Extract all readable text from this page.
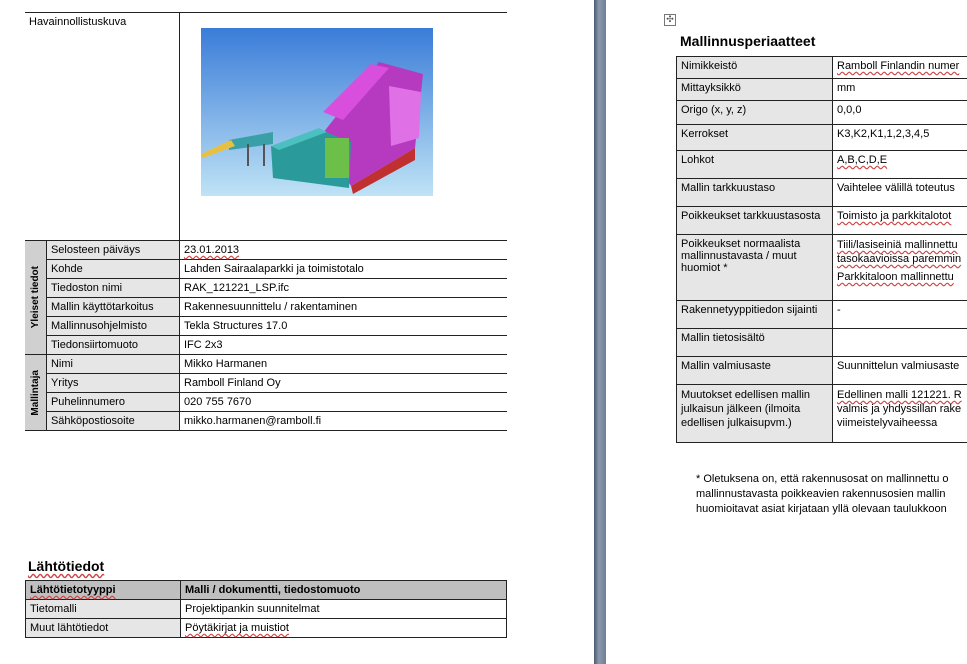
Havainnollistuskuva		

Yleiset tiedot	Selosteen päiväys	23.01.2013
	Kohde	Lahden Sairaalaparkki ja toimistotalo
	Tiedoston nimi	RAK_121221_LSP.ifc
	Mallin käyttötarkoitus	Rakennesuunnittelu / rakentaminen
	Mallinnusohjelmisto	Tekla Structures 17.0
	Tiedonsiirtomuoto	IFC 2x3

Mallintaja	Nimi	Mikko Harmanen
	Yritys	Ramboll Finland Oy
	Puhelinnumero	020 755 7670
	Sähköpostiosoite	mikko.harmanen@ramboll.fi
Lähtötiedot
Lähtötietotyyppi	Malli / dokumentti, tiedostomuoto
Tietomalli	Projektipankin suunnitelmat
Muut lähtötiedot	Pöytäkirjat ja muistiot
✣
Mallinnusperiaatteet
Nimikkeistö	Ramboll Finlandin numer
Mittayksikkö	mm
Origo (x, y, z)	0,0,0
Kerrokset	K3,K2,K1,1,2,3,4,5
Lohkot	A,B,C,D,E
Mallin tarkkuustaso	Vaihtelee välillä toteutus
Poikkeukset tarkkuustasosta	Toimisto ja parkkitalotot
Poikkeukset normaalista mallinnustavasta / muut huomiot *	Tiili/lasiseiniä mallinnettu
tasokaavioissa paremmin
Parkkitaloon mallinnettu

Rakennetyyppitiedon sijainti	-
Mallin tietosisältö	
Mallin valmiusaste	Suunnittelun valmiusaste
Muutokset edellisen mallin julkaisun jälkeen (ilmoita edellisen julkaisupvm.)	Edellinen malli 121221. R
valmis ja yhdyssillan rake
viimeistelyvaiheessa
* Oletuksena on, että rakennusosat on mallinnettu o
mallinnustavasta poikkeavien rakennusosien mallin
huomioitavat asiat kirjataan yllä olevaan taulukkoon
